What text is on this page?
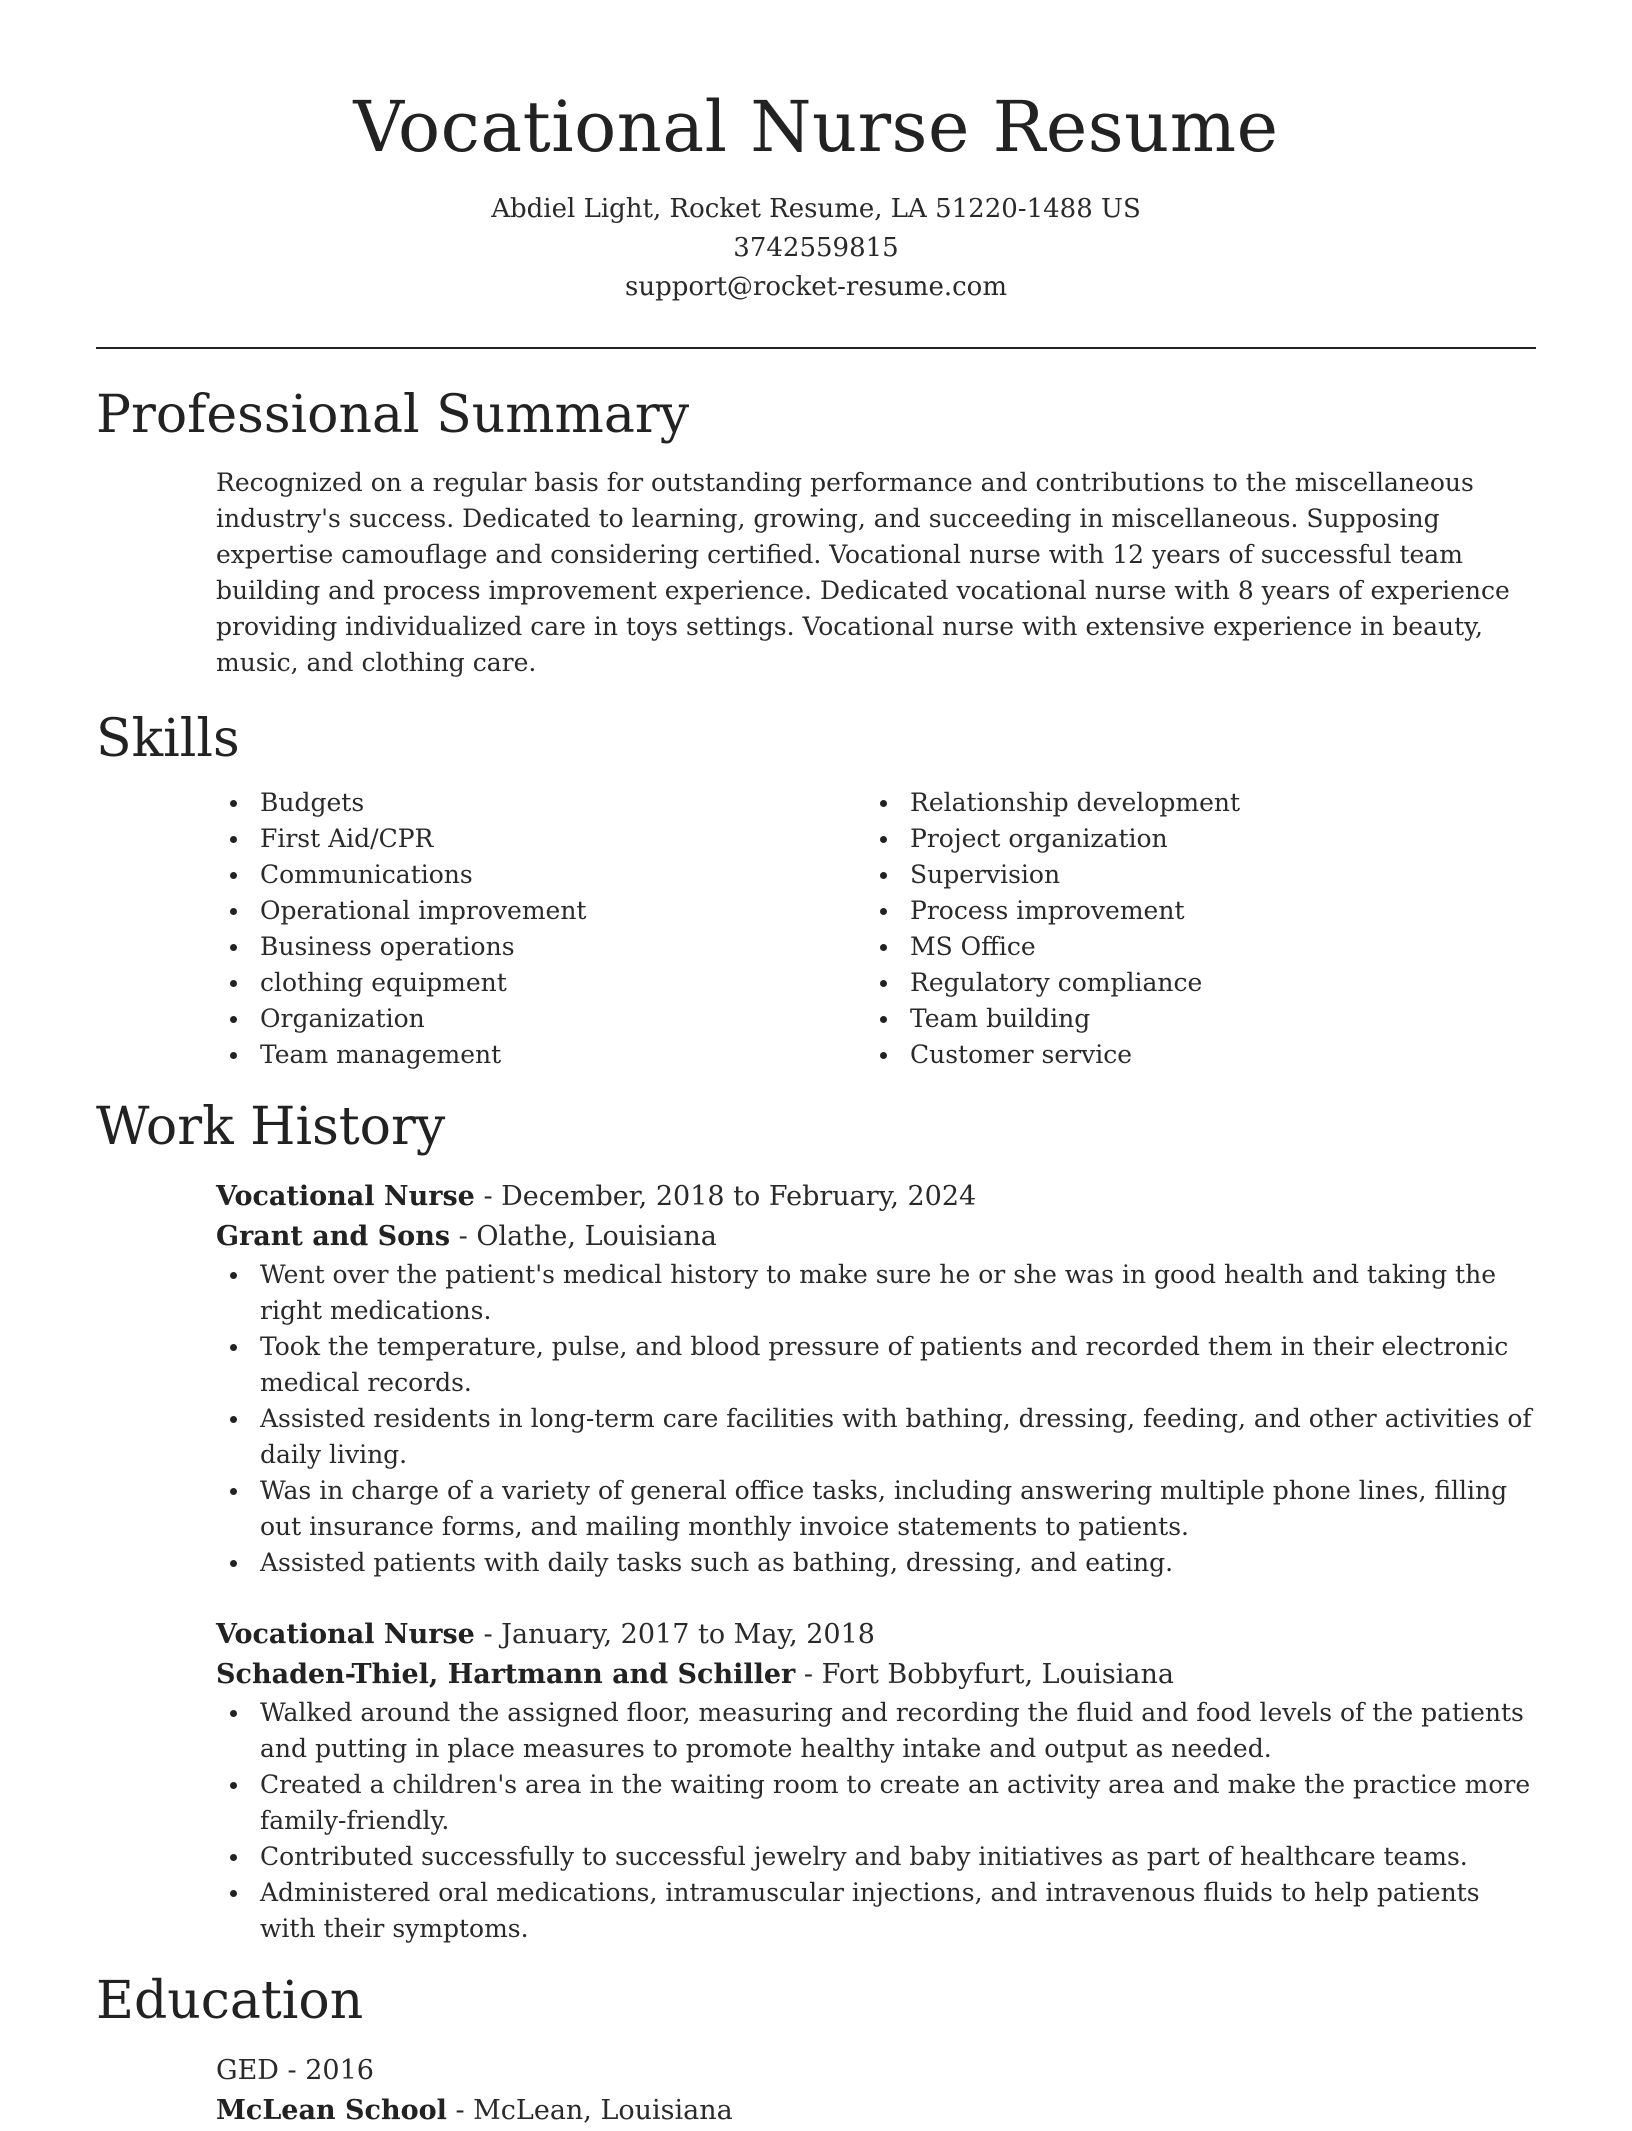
Vocational Nurse Resume
Abdiel Light, Rocket Resume, LA 51220-1488 US
3742559815
support@rocket-resume.com
Professional Summary
Recognized on a regular basis for outstanding performance and contributions to the miscellaneous industry's success. Dedicated to learning, growing, and succeeding in miscellaneous. Supposing expertise camouflage and considering certified. Vocational nurse with 12 years of successful team building and process improvement experience. Dedicated vocational nurse with 8 years of experience providing individualized care in toys settings. Vocational nurse with extensive experience in beauty, music, and clothing care.
Skills
Budgets
First Aid/CPR
Communications
Operational improvement
Business operations
clothing equipment
Organization
Team management
Relationship development
Project organization
Supervision
Process improvement
MS Office
Regulatory compliance
Team building
Customer service
Work History
Vocational Nurse - December, 2018 to February, 2024
Grant and Sons - Olathe, Louisiana
Went over the patient's medical history to make sure he or she was in good health and taking the right medications.
Took the temperature, pulse, and blood pressure of patients and recorded them in their electronic medical records.
Assisted residents in long-term care facilities with bathing, dressing, feeding, and other activities of daily living.
Was in charge of a variety of general office tasks, including answering multiple phone lines, filling out insurance forms, and mailing monthly invoice statements to patients.
Assisted patients with daily tasks such as bathing, dressing, and eating.
Vocational Nurse - January, 2017 to May, 2018
Schaden-Thiel, Hartmann and Schiller - Fort Bobbyfurt, Louisiana
Walked around the assigned floor, measuring and recording the fluid and food levels of the patients and putting in place measures to promote healthy intake and output as needed.
Created a children's area in the waiting room to create an activity area and make the practice more family-friendly.
Contributed successfully to successful jewelry and baby initiatives as part of healthcare teams.
Administered oral medications, intramuscular injections, and intravenous fluids to help patients with their symptoms.
Education
GED - 2016
McLean School - McLean, Louisiana
